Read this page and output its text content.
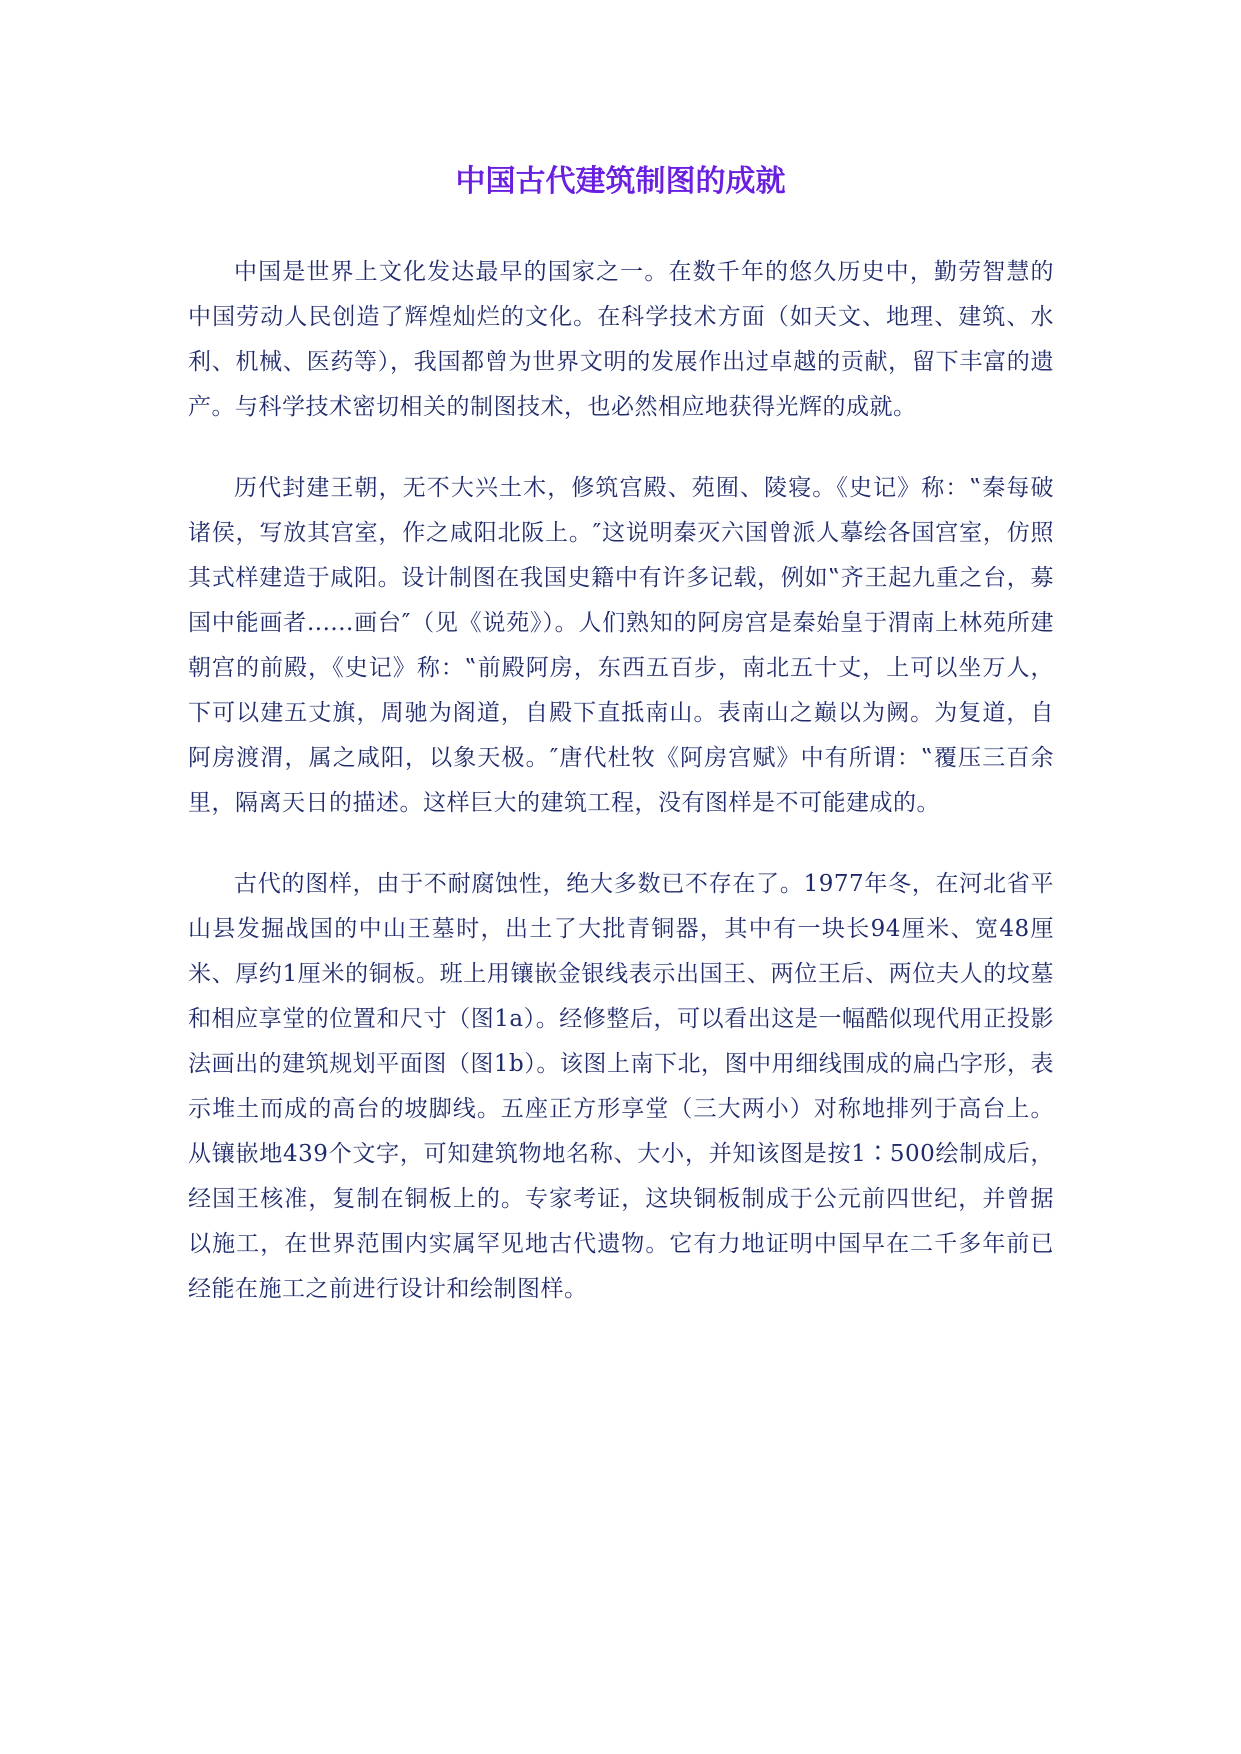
中国古代建筑制图的成就

中国是世界上文化发达最早的国家之一。在数千年的悠久历史中，勤劳智慧的中国劳动人民创造了辉煌灿烂的文化。在科学技术方面（如天文、地理、建筑、水利、机械、医药等），我国都曾为世界文明的发展作出过卓越的贡献，留下丰富的遗产。与科学技术密切相关的制图技术，也必然相应地获得光辉的成就。

历代封建王朝，无不大兴土木，修筑宫殿、苑囿、陵寝。《史记》称：‟秦每破诸侯，写放其宫室，作之咸阳北阪上。″这说明秦灭六国曾派人摹绘各国宫室，仿照其式样建造于咸阳。设计制图在我国史籍中有许多记载，例如‟齐王起九重之台，募国中能画者......画台″（见《说苑》）。人们熟知的阿房宫是秦始皇于渭南上林苑所建朝宫的前殿，《史记》称：‟前殿阿房，东西五百步，南北五十丈，上可以坐万人，下可以建五丈旗，周驰为阁道，自殿下直抵南山。表南山之巅以为阙。为复道，自阿房渡渭，属之咸阳，以象天极。″唐代杜牧《阿房宫赋》中有所谓：‟覆压三百余里，隔离天日的描述。这样巨大的建筑工程，没有图样是不可能建成的。

古代的图样，由于不耐腐蚀性，绝大多数已不存在了。1977年冬，在河北省平山县发掘战国的中山王墓时，出土了大批青铜器，其中有一块长94厘米、宽48厘米、厚约1厘米的铜板。班上用镶嵌金银线表示出国王、两位王后、两位夫人的坟墓和相应享堂的位置和尺寸（图1a）。经修整后，可以看出这是一幅酷似现代用正投影法画出的建筑规划平面图（图1b）。该图上南下北，图中用细线围成的扁凸字形，表示堆土而成的高台的坡脚线。五座正方形享堂（三大两小）对称地排列于高台上。从镶嵌地439个文字，可知建筑物地名称、大小，并知该图是按1∶500绘制成后，经国王核准，复制在铜板上的。专家考证，这块铜板制成于公元前四世纪，并曾据以施工，在世界范围内实属罕见地古代遗物。它有力地证明中国早在二千多年前已经能在施工之前进行设计和绘制图样。
